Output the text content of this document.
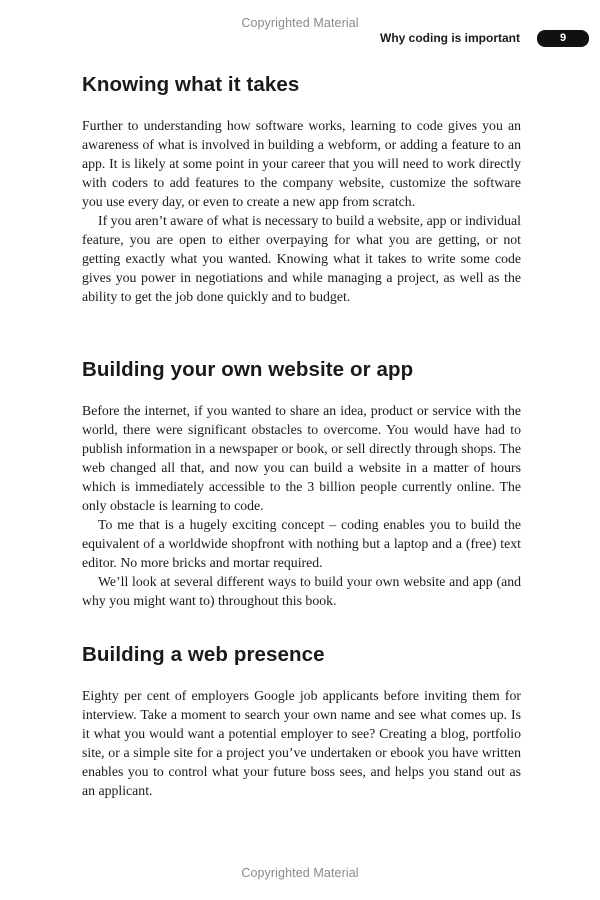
Copyrighted Material
Why coding is important	9
Knowing what it takes

Further to understanding how software works, learning to code gives you an awareness of what is involved in building a webform, or adding a feature to an app. It is likely at some point in your career that you will need to work directly with coders to add features to the company website, customize the software you use every day, or even to create a new app from scratch.

If you aren’t aware of what is necessary to build a website, app or individual feature, you are open to either overpaying for what you are getting, or not getting exactly what you wanted. Knowing what it takes to write some code gives you power in negotiations and while managing a project, as well as the ability to get the job done quickly and to budget.

Building your own website or app

Before the internet, if you wanted to share an idea, product or service with the world, there were significant obstacles to overcome. You would have had to publish information in a newspaper or book, or sell directly through shops. The web changed all that, and now you can build a website in a matter of hours which is immediately accessible to the 3 billion people currently online. The only obstacle is learning to code.

To me that is a hugely exciting concept – coding enables you to build the equivalent of a worldwide shopfront with nothing but a laptop and a (free) text editor. No more bricks and mortar required.

We’ll look at several different ways to build your own website and app (and why you might want to) throughout this book.

Building a web presence

Eighty per cent of employers Google job applicants before inviting them for interview. Take a moment to search your own name and see what comes up. Is it what you would want a potential employer to see? Creating a blog, portfolio site, or a simple site for a project you’ve undertaken or ebook you have written enables you to control what your future boss sees, and helps you stand out as an applicant.

Copyrighted Material
